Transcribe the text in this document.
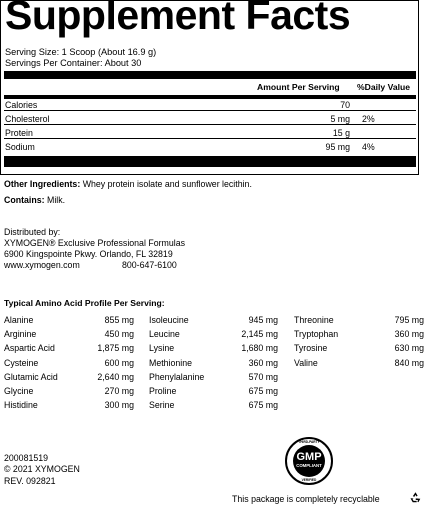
Supplement Facts
Serving Size: 1 Scoop (About 16.9 g)
Servings Per Container: About 30
Amount Per Serving %Daily Value
Calories	70
Cholesterol	5 mg 2%
Protein	15 g
Sodium	95 mg 4%
Other Ingredients: Whey protein isolate and sunflower lecithin.
Contains: Milk.
Distributed by:
XYMOGEN® Exclusive Professional Formulas
6900 Kingspointe Pkwy. Orlando, FL 32819
www.xymogen.com	800-647-6100
Typical Amino Acid Profile Per Serving:
Alanine	855 mg
Arginine	450 mg
Aspartic Acid	1,875 mg
Cysteine	600 mg
Glutamic Acid	2,640 mg
Glycine	270 mg
Histidine	300 mg
Isoleucine	945 mg
Leucine	2,145 mg
Lysine	1,680 mg
Methionine	360 mg
Phenylalanine	570 mg
Proline	675 mg
Serine	675 mg
Threonine	795 mg
Tryptophan	360 mg
Tyrosine	630 mg
Valine	840 mg
200081519
© 2021 XYMOGEN
REV. 092821
THIRD-PARTY
GMP
COMPLIANT
VERIFIED
This package is completely recyclable
